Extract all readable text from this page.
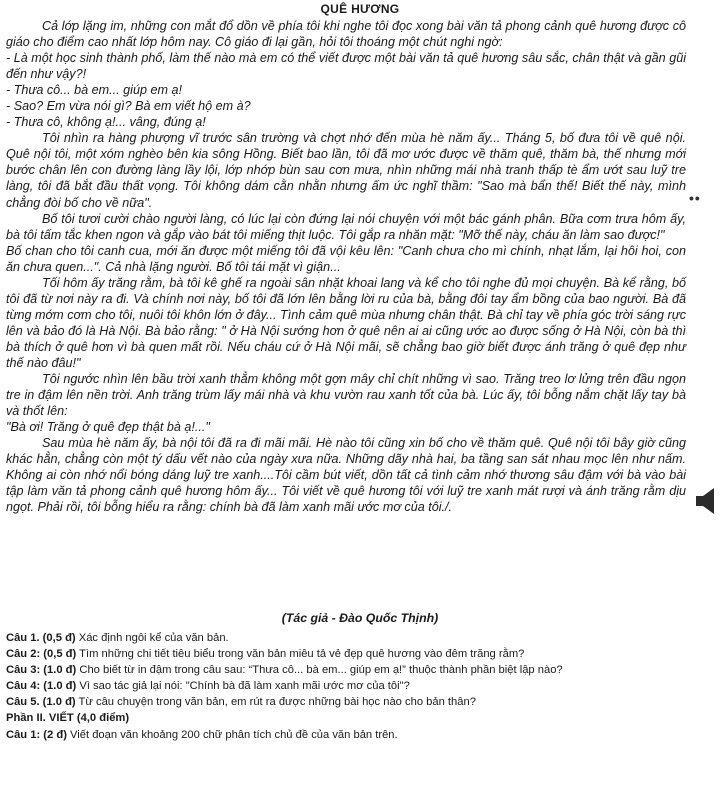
QUÊ HƯƠNG

Cả lớp lặng im, những con mắt đổ dồn về phía tôi khi nghe tôi đọc xong bài văn tả phong cảnh quê hương được cô giáo cho điểm cao nhất lớp hôm nay. Cô giáo đi lại gần, hỏi tôi thoáng một chút nghi ngờ:

- Là một học sinh thành phố, làm thế nào mà em có thể viết được một bài văn tả quê hương sâu sắc, chân thật và gần gũi đến như vậy?!

- Thưa cô... bà em... giúp em ạ!

- Sao? Em vừa nói gì? Bà em viết hộ em à?

- Thưa cô, không ạ!... vâng, đúng ạ!

Tôi nhìn ra hàng phượng vĩ trước sân trường và chợt nhớ đến mùa hè năm ấy... Tháng 5, bố đưa tôi về quê nội. Quê nội tôi, một xóm nghèo bên kia sông Hồng. Biết bao lần, tôi đã mơ ước được về thăm quê, thăm bà, thế nhưng mới bước chân lên con đường làng lầy lội, lớp nhớp bùn sau cơn mưa, nhìn những mái nhà tranh thấp tè ẩm ướt sau luỹ tre làng, tôi đã bắt đầu thất vọng. Tôi không dám cằn nhằn nhưng ấm ức nghĩ thầm: "Sao mà bẩn thế! Biết thế này, mình chẳng đòi bố cho về nữa".

Bố tôi tươi cười chào người làng, có lúc lại còn đứng lại nói chuyện với một bác gánh phân. Bữa cơm trưa hôm ấy, bà tôi tấm tắc khen ngon và gắp vào bát tôi miếng thịt luộc. Tôi gắp ra nhăn mặt: "Mỡ thế này, cháu ăn làm sao được!"

Bố chan cho tôi canh cua, mới ăn được một miếng tôi đã vội kêu lên: "Canh chưa cho mì chính, nhạt lắm, lại hôi hoi, con ăn chưa quen...". Cả nhà lặng người. Bố tôi tái mặt vì giận...

Tối hôm ấy trăng rằm, bà tôi kê ghế ra ngoài sân nhặt khoai lang và kể cho tôi nghe đủ mọi chuyện. Bà kể rằng, bố tôi đã từ nơi này ra đi. Và chính nơi này, bố tôi đã lớn lên bằng lời ru của bà, bằng đôi tay ẩm bồng của bao người. Bà đã từng mớm cơm cho tôi, nuôi tôi khôn lớn ở đây... Tình cảm quê mùa nhưng chân thật. Bà chỉ tay về phía góc trời sáng rực lên và bảo đó là Hà Nội. Bà bảo rằng: " ở Hà Nội sướng hơn ở quê nên ai ai cũng ước ao được sống ở Hà Nội, còn bà thì bà thích ở quê hơn vì bà quen mất rồi. Nếu cháu cứ ở Hà Nội mãi, sẽ chẳng bao giờ biết được ánh trăng ở quê đẹp như thế nào đâu!"

Tôi ngước nhìn lên bầu trời xanh thẳm không một gợn mây chỉ chít những vì sao. Trăng treo lơ lửng trên đầu ngọn tre in đậm lên nền trời. Anh trăng trùm lấy mái nhà và khu vườn rau xanh tốt của bà. Lúc ấy, tôi bỗng nắm chặt lấy tay bà và thốt lên:

"Bà ơi! Trăng ở quê đẹp thật bà ạ!..."

Sau mùa hè năm ấy, bà nội tôi đã ra đi mãi mãi. Hè nào tôi cũng xin bố cho về thăm quê. Quê nội tôi bây giờ cũng khác hẳn, chẳng còn một tý dấu vết nào của ngày xưa nữa. Những dãy nhà hai, ba tầng san sát nhau mọc lên như nấm. Không ai còn nhớ nổi bóng dáng luỹ tre xanh....Tôi cầm bút viết, dồn tất cả tình cảm nhớ thương sâu đậm với bà vào bài tập làm văn tả phong cảnh quê hương hôm ấy... Tôi viết về quê hương tôi với luỹ tre xanh mát rượi và ánh trăng rằm dịu ngọt. Phải rồi, tôi bỗng hiểu ra rằng: chính bà đã làm xanh mãi ước mơ của tôi./.

(Tác giả - Đào Quốc Thịnh)

Câu 1. (0,5 đ) Xác định ngôi kể của văn bản.

Câu 2: (0,5 đ) Tìm những chi tiết tiêu biểu trong văn bản miêu tả vẻ đẹp quê hương vào đêm trăng rằm?

Câu 3: (1.0 đ) Cho biết từ in đậm trong câu sau: “Thưa cô... bà em... giúp em ạ!” thuộc thành phần biệt lập nào?

Câu 4: (1.0 đ) Vì sao tác giả lại nói: "Chính bà đã làm xanh mãi ước mơ của tôi"?

Câu 5. (1.0 đ) Từ câu chuyện trong văn bản, em rút ra được những bài học nào cho bản thân?

Phần II. VIẾT (4,0 điểm)

Câu 1: (2 đ) Viết đoạn văn khoảng 200 chữ phân tích chủ đề của văn bản trên.

••
